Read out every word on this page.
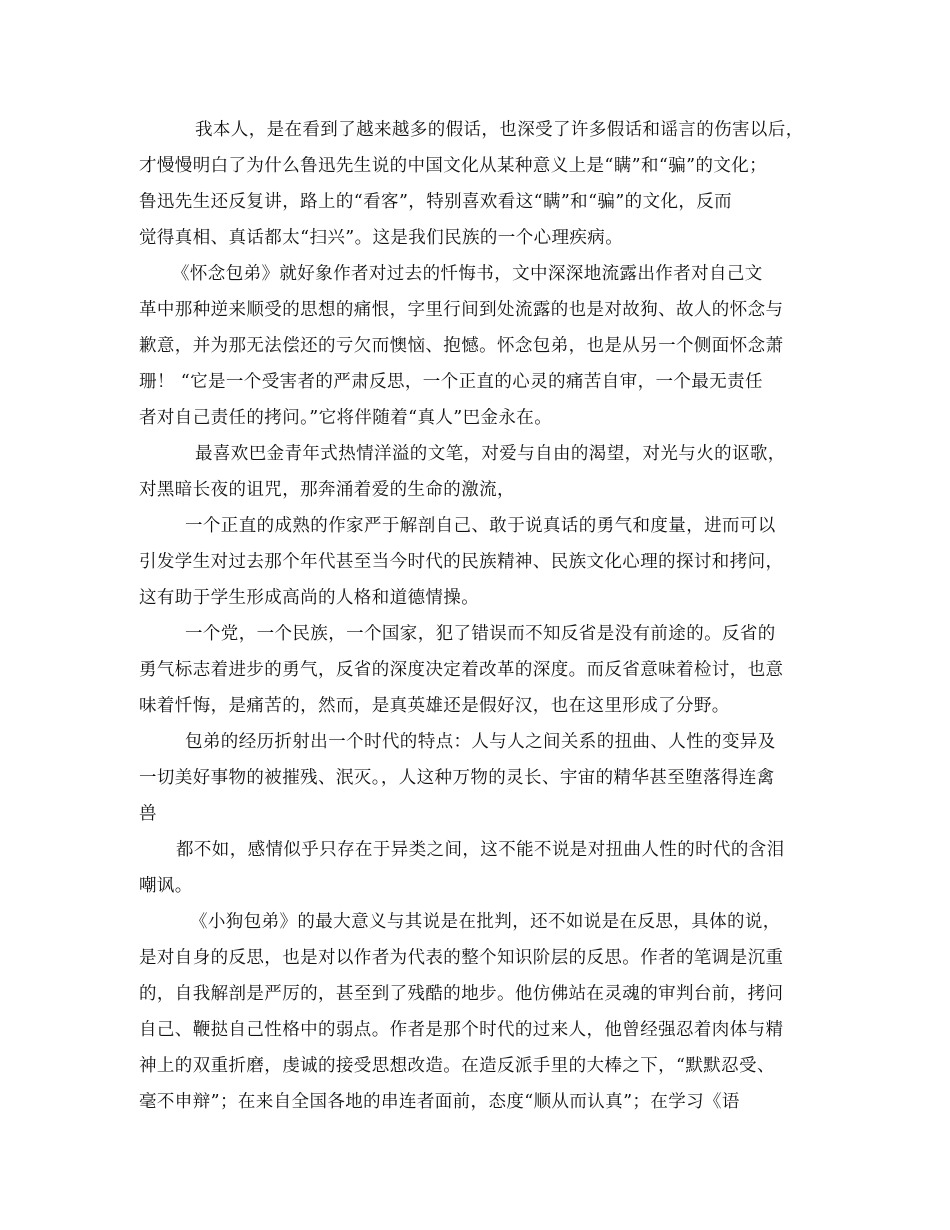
我本人，是在看到了越来越多的假话，也深受了许多假话和谣言的伤害以后，
才慢慢明白了为什么鲁迅先生说的中国文化从某种意义上是“瞒”和“骗”的文化；
鲁迅先生还反复讲，路上的“看客”，特别喜欢看这“瞒”和“骗”的文化，反而
觉得真相、真话都太“扫兴”。这是我们民族的一个心理疾病。
《怀念包弟》就好象作者对过去的忏悔书，文中深深地流露出作者对自己文
革中那种逆来顺受的思想的痛恨，字里行间到处流露的也是对故狗、故人的怀念与
歉意，并为那无法偿还的亏欠而懊恼、抱憾。怀念包弟，也是从另一个侧面怀念萧
珊！ “它是一个受害者的严肃反思，一个正直的心灵的痛苦自审，一个最无责任
者对自己责任的拷问。”它将伴随着“真人”巴金永在。
最喜欢巴金青年式热情洋溢的文笔，对爱与自由的渴望，对光与火的讴歌，
对黑暗长夜的诅咒，那奔涌着爱的生命的激流，
一个正直的成熟的作家严于解剖自己、敢于说真话的勇气和度量，进而可以
引发学生对过去那个年代甚至当今时代的民族精神、民族文化心理的探讨和拷问，
这有助于学生形成高尚的人格和道德情操。
一个党，一个民族，一个国家，犯了错误而不知反省是没有前途的。反省的
勇气标志着进步的勇气，反省的深度决定着改革的深度。而反省意味着检讨，也意
味着忏悔，是痛苦的，然而，是真英雄还是假好汉，也在这里形成了分野。
包弟的经历折射出一个时代的特点：人与人之间关系的扭曲、人性的变异及
一切美好事物的被摧残、泯灭。，人这种万物的灵长、宇宙的精华甚至堕落得连禽
兽
都不如，感情似乎只存在于异类之间，这不能不说是对扭曲人性的时代的含泪
嘲讽。
《小狗包弟》的最大意义与其说是在批判，还不如说是在反思，具体的说，
是对自身的反思，也是对以作者为代表的整个知识阶层的反思。作者的笔调是沉重
的，自我解剖是严厉的，甚至到了残酷的地步。他仿佛站在灵魂的审判台前，拷问
自己、鞭挞自己性格中的弱点。作者是那个时代的过来人，他曾经强忍着肉体与精
神上的双重折磨，虔诚的接受思想改造。在造反派手里的大棒之下，“默默忍受、
毫不申辩”；在来自全国各地的串连者面前，态度“顺从而认真”；在学习《语
